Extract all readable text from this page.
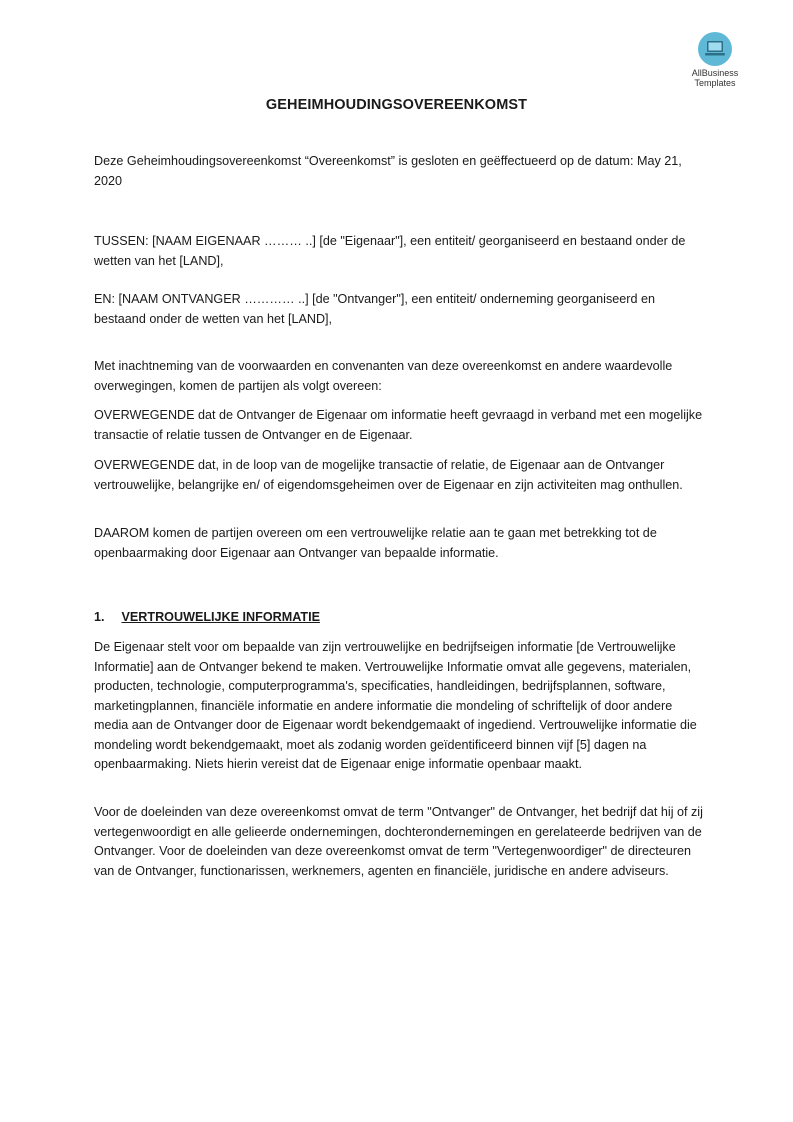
AllBusiness
Templates
GEHEIMHOUDINGSOVEREENKOMST

Deze Geheimhoudingsovereenkomst “Overeenkomst” is gesloten en geëffectueerd op de datum: May 21, 2020

TUSSEN: [NAAM EIGENAAR ……… ..] [de "Eigenaar"], een entiteit/ georganiseerd en bestaand onder de wetten van het [LAND],

EN: [NAAM ONTVANGER ………… ..] [de "Ontvanger"], een entiteit/ onderneming georganiseerd en bestaand onder de wetten van het [LAND],

Met inachtneming van de voorwaarden en convenanten van deze overeenkomst en andere waardevolle overwegingen, komen de partijen als volgt overeen:

OVERWEGENDE dat de Ontvanger de Eigenaar om informatie heeft gevraagd in verband met een mogelijke transactie of relatie tussen de Ontvanger en de Eigenaar.

OVERWEGENDE dat, in de loop van de mogelijke transactie of relatie, de Eigenaar aan de Ontvanger vertrouwelijke, belangrijke en/ of eigendomsgeheimen over de Eigenaar en zijn activiteiten mag onthullen.

DAAROM komen de partijen overeen om een vertrouwelijke relatie aan te gaan met betrekking tot de openbaarmaking door Eigenaar aan Ontvanger van bepaalde informatie.

1. VERTROUWELIJKE INFORMATIE

De Eigenaar stelt voor om bepaalde van zijn vertrouwelijke en bedrijfseigen informatie [de Vertrouwelijke Informatie] aan de Ontvanger bekend te maken. Vertrouwelijke Informatie omvat alle gegevens, materialen, producten, technologie, computerprogramma's, specificaties, handleidingen, bedrijfsplannen, software, marketingplannen, financiële informatie en andere informatie die mondeling of schriftelijk of door andere media aan de Ontvanger door de Eigenaar wordt bekendgemaakt of ingediend. Vertrouwelijke informatie die mondeling wordt bekendgemaakt, moet als zodanig worden geïdentificeerd binnen vijf [5] dagen na openbaarmaking. Niets hierin vereist dat de Eigenaar enige informatie openbaar maakt.

Voor de doeleinden van deze overeenkomst omvat de term "Ontvanger" de Ontvanger, het bedrijf dat hij of zij vertegenwoordigt en alle gelieerde ondernemingen, dochterondernemingen en gerelateerde bedrijven van de Ontvanger. Voor de doeleinden van deze overeenkomst omvat de term "Vertegenwoordiger" de directeuren van de Ontvanger, functionarissen, werknemers, agenten en financiële, juridische en andere adviseurs.
